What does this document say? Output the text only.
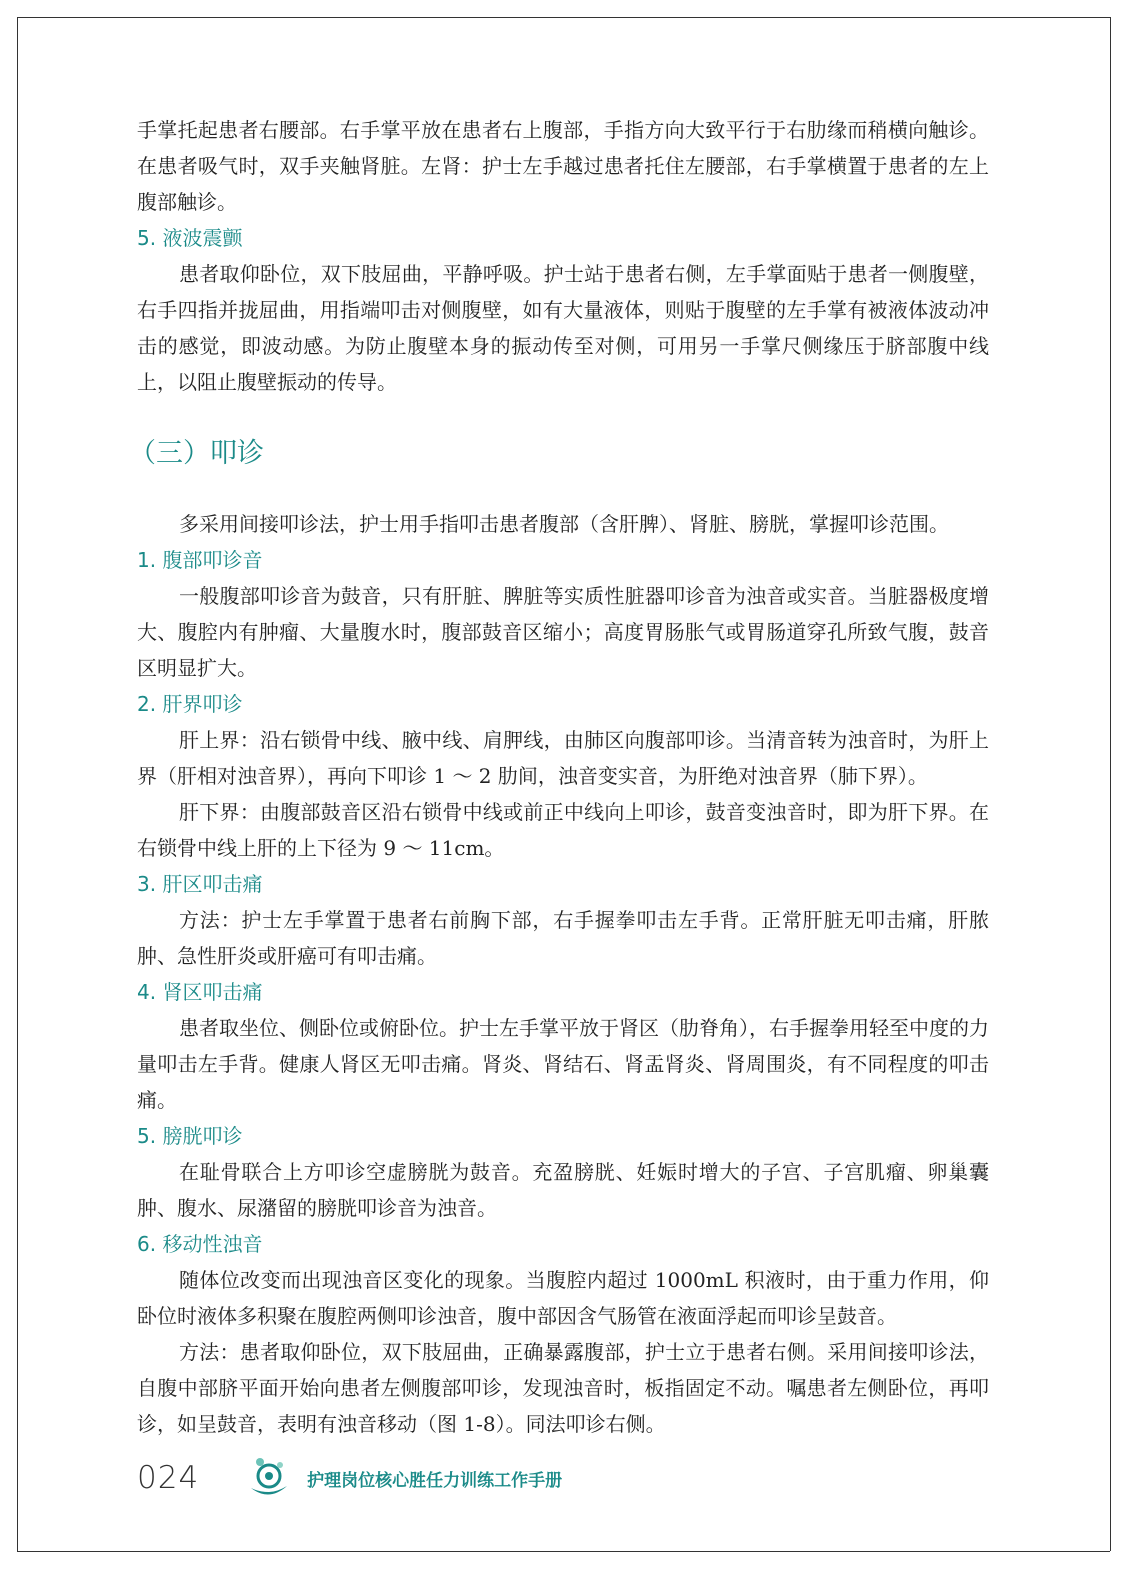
手掌托起患者右腰部。右手掌平放在患者右上腹部，手指方向大致平行于右肋缘而稍横向触诊。在患者吸气时，双手夹触肾脏。左肾：护士左手越过患者托住左腰部，右手掌横置于患者的左上腹部触诊。

5. 液波震颤

患者取仰卧位，双下肢屈曲，平静呼吸。护士站于患者右侧，左手掌面贴于患者一侧腹壁，右手四指并拢屈曲，用指端叩击对侧腹壁，如有大量液体，则贴于腹壁的左手掌有被液体波动冲击的感觉，即波动感。为防止腹壁本身的振动传至对侧，可用另一手掌尺侧缘压于脐部腹中线上，以阻止腹壁振动的传导。

（三）叩诊

多采用间接叩诊法，护士用手指叩击患者腹部（含肝脾）、肾脏、膀胱，掌握叩诊范围。

1. 腹部叩诊音

一般腹部叩诊音为鼓音，只有肝脏、脾脏等实质性脏器叩诊音为浊音或实音。当脏器极度增大、腹腔内有肿瘤、大量腹水时，腹部鼓音区缩小；高度胃肠胀气或胃肠道穿孔所致气腹，鼓音区明显扩大。

2. 肝界叩诊

肝上界：沿右锁骨中线、腋中线、肩胛线，由肺区向腹部叩诊。当清音转为浊音时，为肝上界（肝相对浊音界），再向下叩诊 1 ～ 2 肋间，浊音变实音，为肝绝对浊音界（肺下界）。

肝下界：由腹部鼓音区沿右锁骨中线或前正中线向上叩诊，鼓音变浊音时，即为肝下界。在右锁骨中线上肝的上下径为 9 ～ 11cm。

3. 肝区叩击痛

方法：护士左手掌置于患者右前胸下部，右手握拳叩击左手背。正常肝脏无叩击痛，肝脓肿、急性肝炎或肝癌可有叩击痛。

4. 肾区叩击痛

患者取坐位、侧卧位或俯卧位。护士左手掌平放于肾区（肋脊角），右手握拳用轻至中度的力量叩击左手背。健康人肾区无叩击痛。肾炎、肾结石、肾盂肾炎、肾周围炎，有不同程度的叩击痛。

5. 膀胱叩诊

在耻骨联合上方叩诊空虚膀胱为鼓音。充盈膀胱、妊娠时增大的子宫、子宫肌瘤、卵巢囊肿、腹水、尿潴留的膀胱叩诊音为浊音。

6. 移动性浊音

随体位改变而出现浊音区变化的现象。当腹腔内超过 1000mL 积液时，由于重力作用，仰卧位时液体多积聚在腹腔两侧叩诊浊音，腹中部因含气肠管在液面浮起而叩诊呈鼓音。

方法：患者取仰卧位，双下肢屈曲，正确暴露腹部，护士立于患者右侧。采用间接叩诊法，自腹中部脐平面开始向患者左侧腹部叩诊，发现浊音时，板指固定不动。嘱患者左侧卧位，再叩诊，如呈鼓音，表明有浊音移动（图 1-8）。同法叩诊右侧。

024	护理岗位核心胜任力训练工作手册
